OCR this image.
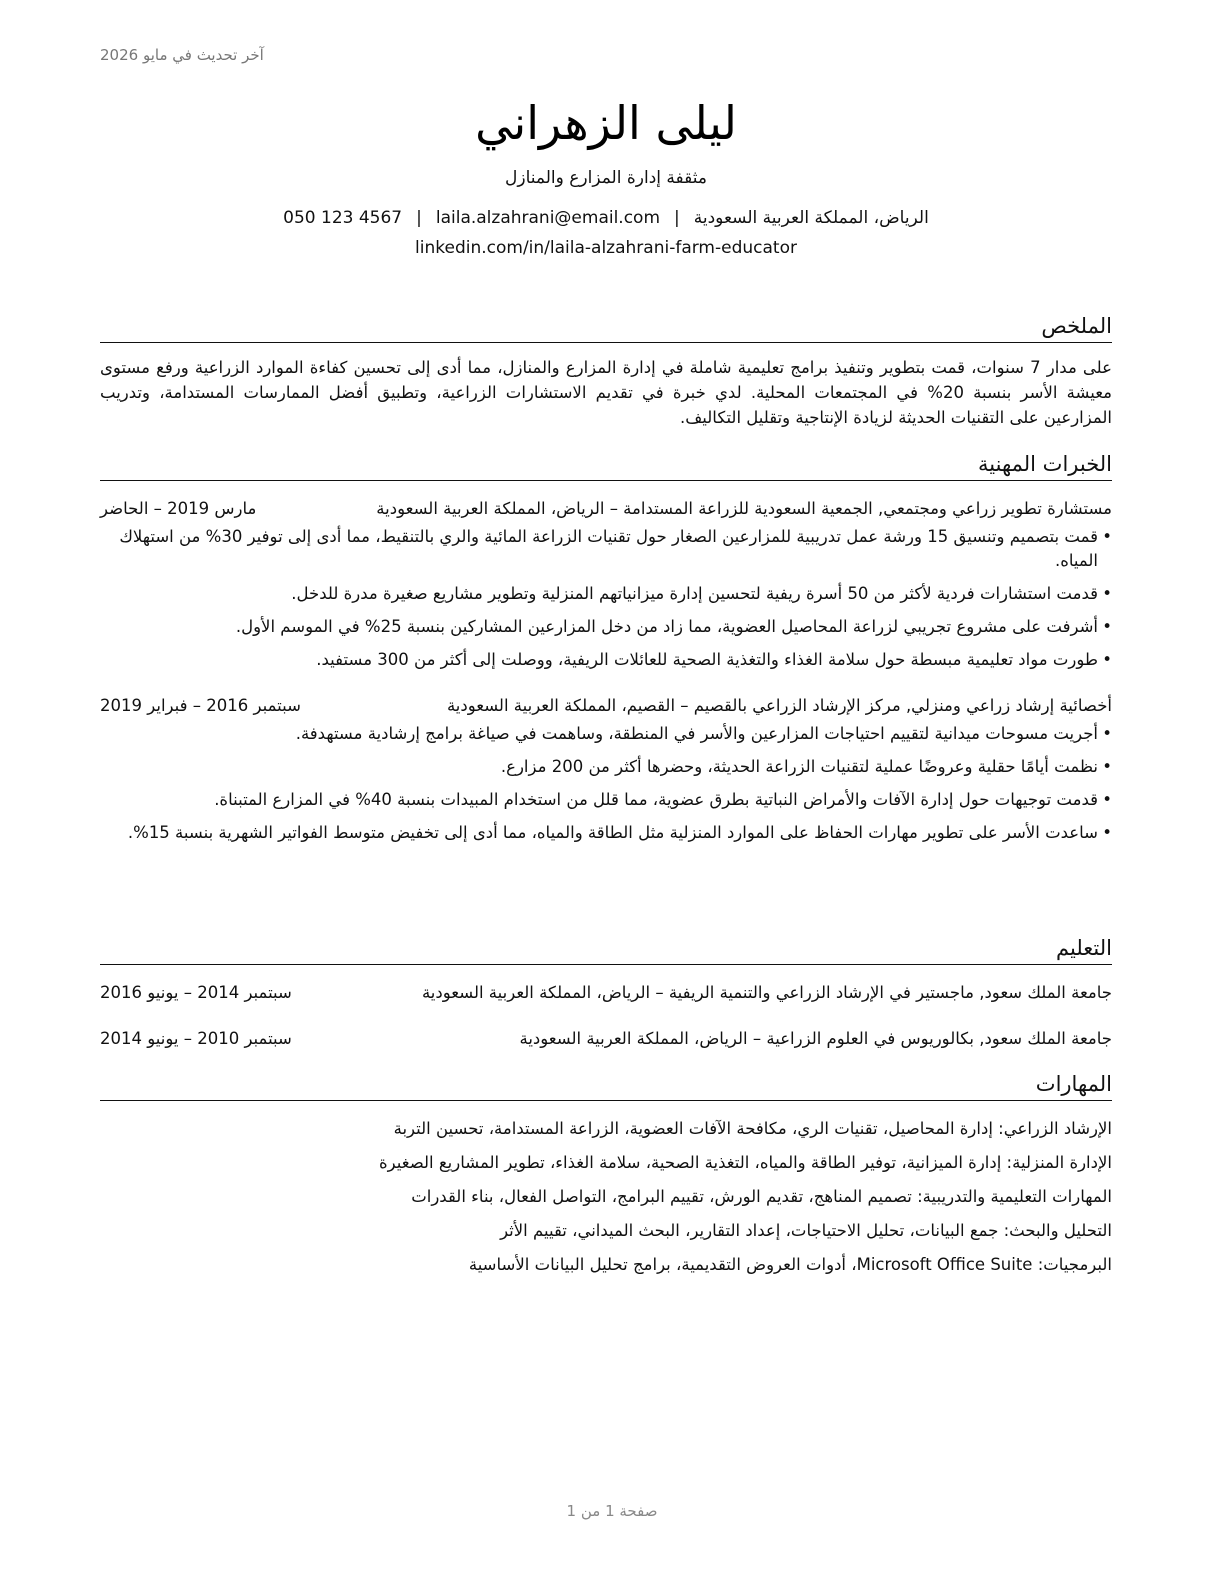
آخر تحديث في مايو 2026
ليلى الزهراني
مثقفة إدارة المزارع والمنازل
050 123 4567 | laila.alzahrani@email.com | الرياض، المملكة العربية السعودية
linkedin.com/in/laila-alzahrani-farm-educator
الملخص

على مدار 7 سنوات، قمت بتطوير وتنفيذ برامج تعليمية شاملة في إدارة المزارع والمنازل، مما أدى إلى تحسين كفاءة الموارد الزراعية ورفع مستوى معيشة الأسر بنسبة 20% في المجتمعات المحلية. لدي خبرة في تقديم الاستشارات الزراعية، وتطبيق أفضل الممارسات المستدامة، وتدريب المزارعين على التقنيات الحديثة لزيادة الإنتاجية وتقليل التكاليف.

الخبرات المهنية
مستشارة تطوير زراعي ومجتمعي, الجمعية السعودية للزراعة المستدامة – الرياض، المملكة العربية السعودية
مارس 2019 – الحاضر
• قمت بتصميم وتنسيق 15 ورشة عمل تدريبية للمزارعين الصغار حول تقنيات الزراعة المائية والري بالتنقيط، مما أدى إلى توفير 30% من استهلاك المياه.
• قدمت استشارات فردية لأكثر من 50 أسرة ريفية لتحسين إدارة ميزانياتهم المنزلية وتطوير مشاريع صغيرة مدرة للدخل.
• أشرفت على مشروع تجريبي لزراعة المحاصيل العضوية، مما زاد من دخل المزارعين المشاركين بنسبة 25% في الموسم الأول.
• طورت مواد تعليمية مبسطة حول سلامة الغذاء والتغذية الصحية للعائلات الريفية، ووصلت إلى أكثر من 300 مستفيد.
أخصائية إرشاد زراعي ومنزلي, مركز الإرشاد الزراعي بالقصيم – القصيم، المملكة العربية السعودية
سبتمبر 2016 – فبراير 2019
• أجريت مسوحات ميدانية لتقييم احتياجات المزارعين والأسر في المنطقة، وساهمت في صياغة برامج إرشادية مستهدفة.
• نظمت أيامًا حقلية وعروضًا عملية لتقنيات الزراعة الحديثة، وحضرها أكثر من 200 مزارع.
• قدمت توجيهات حول إدارة الآفات والأمراض النباتية بطرق عضوية، مما قلل من استخدام المبيدات بنسبة 40% في المزارع المتبناة.
• ساعدت الأسر على تطوير مهارات الحفاظ على الموارد المنزلية مثل الطاقة والمياه، مما أدى إلى تخفيض متوسط الفواتير الشهرية بنسبة 15%.
التعليم
جامعة الملك سعود, ماجستير في الإرشاد الزراعي والتنمية الريفية – الرياض، المملكة العربية السعودية
سبتمبر 2014 – يونيو 2016
جامعة الملك سعود, بكالوريوس في العلوم الزراعية – الرياض، المملكة العربية السعودية
سبتمبر 2010 – يونيو 2014
المهارات
الإرشاد الزراعي: إدارة المحاصيل، تقنيات الري، مكافحة الآفات العضوية، الزراعة المستدامة، تحسين التربة
الإدارة المنزلية: إدارة الميزانية، توفير الطاقة والمياه، التغذية الصحية، سلامة الغذاء، تطوير المشاريع الصغيرة
المهارات التعليمية والتدريبية: تصميم المناهج، تقديم الورش، تقييم البرامج، التواصل الفعال، بناء القدرات
التحليل والبحث: جمع البيانات، تحليل الاحتياجات، إعداد التقارير، البحث الميداني، تقييم الأثر
البرمجيات: Microsoft Office Suite، أدوات العروض التقديمية، برامج تحليل البيانات الأساسية
صفحة 1 من 1
